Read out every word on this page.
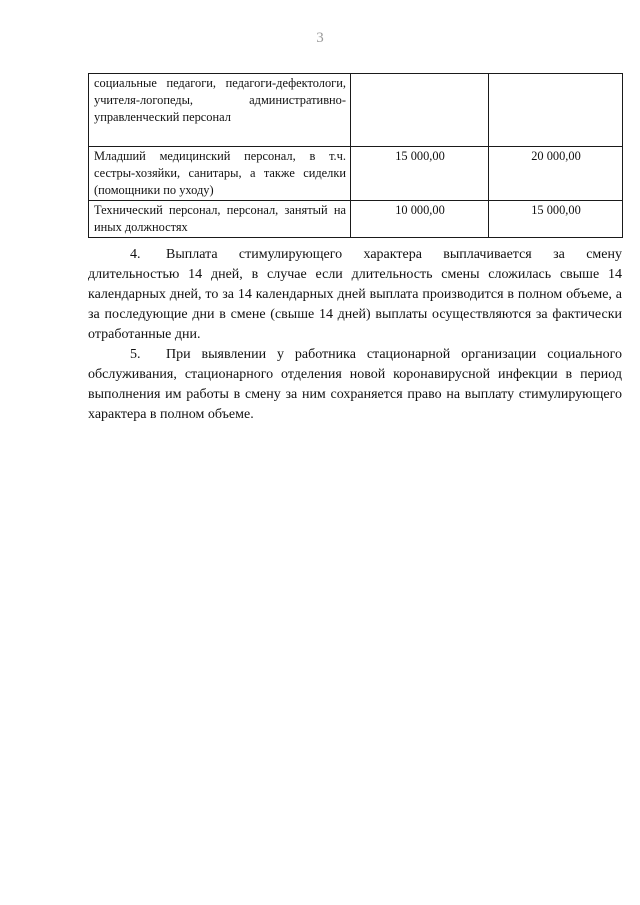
3
социальные педагоги, педагоги-дефектологи, учителя-логопеды, административно-управленческий персонал		
Младший медицинский персонал, в т.ч. сестры-хозяйки, санитары, а также сиделки (помощники по уходу)	15 000,00	20 000,00
Технический персонал, персонал, занятый на иных должностях	10 000,00	15 000,00

4. Выплата стимулирующего характера выплачивается за смену длительностью 14 дней, в случае если длительность смены сложилась свыше 14 календарных дней, то за 14 календарных дней выплата производится в полном объеме, а за последующие дни в смене (свыше 14 дней) выплаты осуществляются за фактически отработанные дни.

5. При выявлении у работника стационарной организации социального обслуживания, стационарного отделения новой коронавирусной инфекции в период выполнения им работы в смену за ним сохраняется право на выплату стимулирующего характера в полном объеме.
